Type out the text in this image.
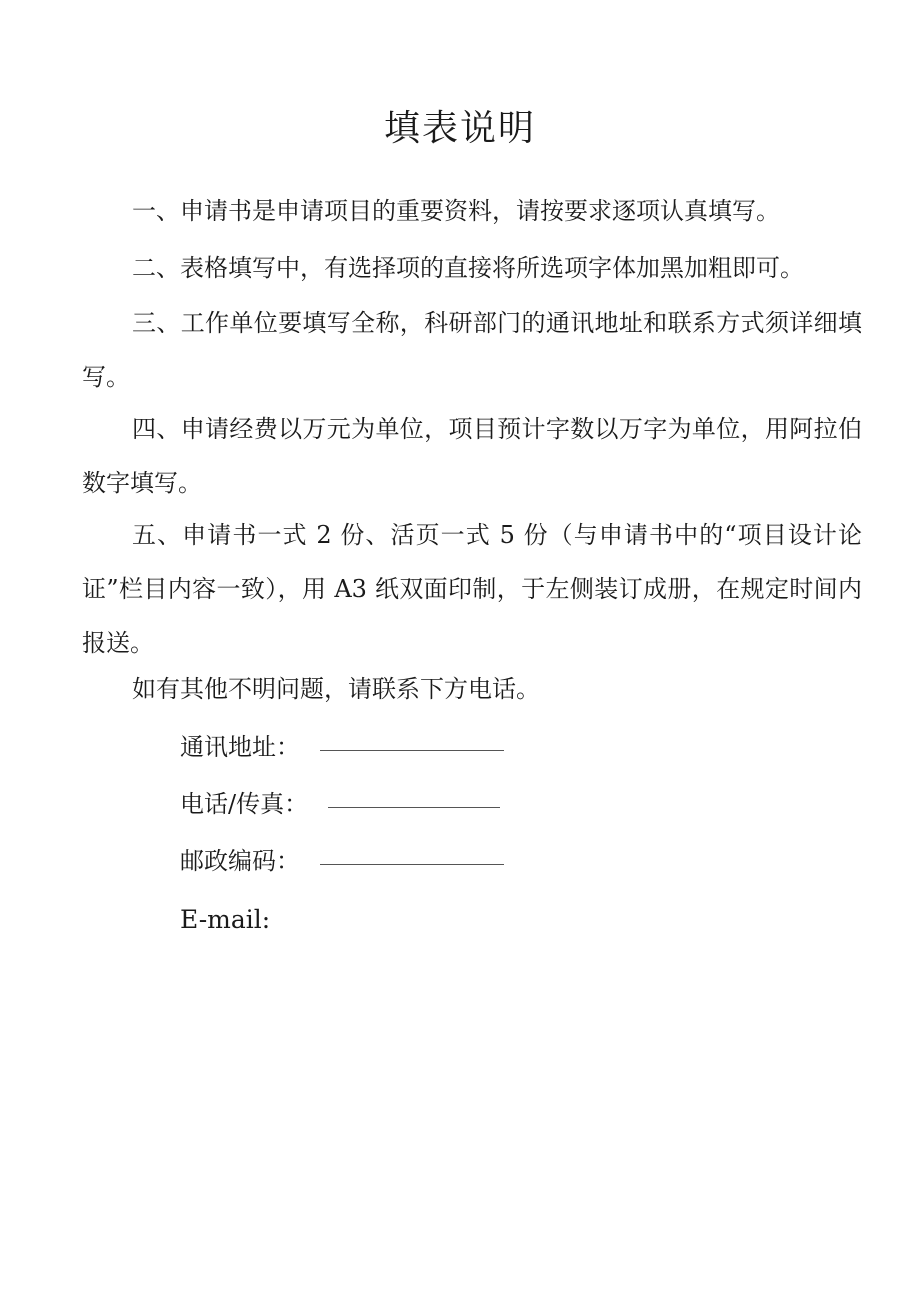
填表说明

一、申请书是申请项目的重要资料，请按要求逐项认真填写。

二、表格填写中，有选择项的直接将所选项字体加黑加粗即可。

三、工作单位要填写全称，科研部门的通讯地址和联系方式须详细填写。

四、申请经费以万元为单位，项目预计字数以万字为单位，用阿拉伯数字填写。

五、申请书一式 2 份、活页一式 5 份（与申请书中的“项目设计论证”栏目内容一致），用 A3 纸双面印制，于左侧装订成册，在规定时间内报送。

如有其他不明问题，请联系下方电话。

通讯地址：
电话/传真：
邮政编码：
E-mail:
